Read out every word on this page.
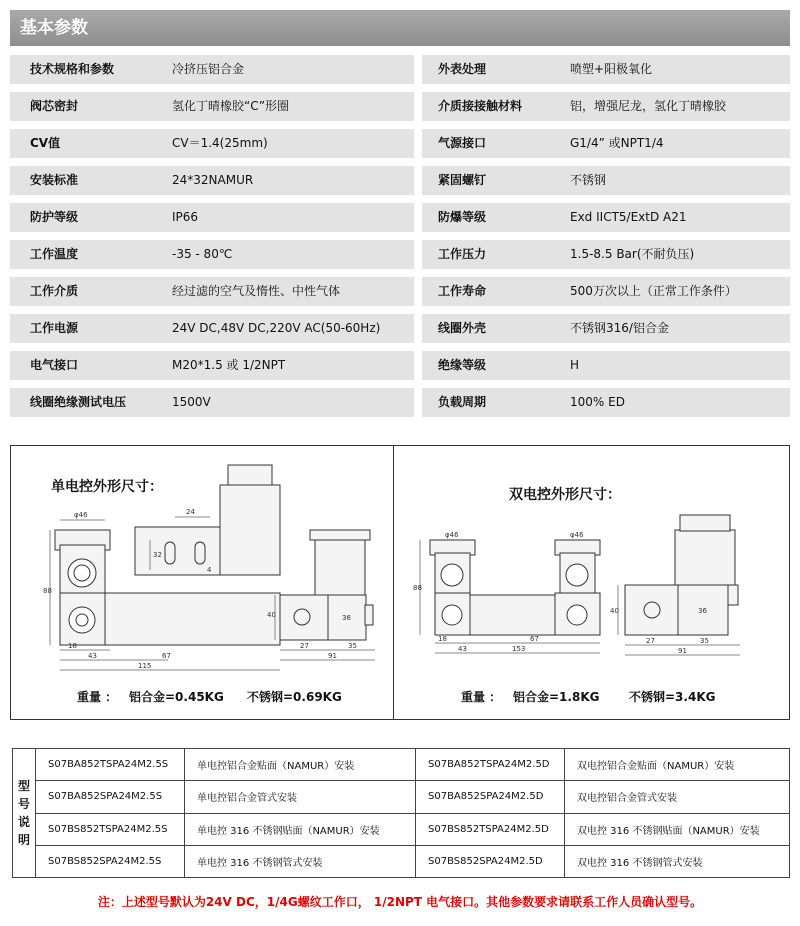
基本参数
技术规格和参数	冷挤压铝合金	外表处理	喷塑+阳极氧化
阀芯密封	氢化丁晴橡胶“C”形圈	介质接接触材料	铝，增强尼龙，氢化丁晴橡胶
CV值	CV＝1.4(25mm)	气源接口	G1/4” 或NPT1/4
安装标准	24*32NAMUR	紧固螺钉	不锈钢
防护等级	IP66	防爆等级	Exd IICT5/ExtD A21
工作温度	-35 - 80℃	工作压力	1.5-8.5 Bar(不耐负压)
工作介质	经过滤的空气及惰性、中性气体	工作寿命	500万次以上（正常工作条件）
工作电源	24V DC,48V DC,220V AC(50-60Hz)	线圈外壳	不锈钢316/铝合金
电气接口	M20*1.5 或 1/2NPT	绝缘等级	H
线圈绝缘测试电压	1500V	负载周期	100% ED
单电控外形尺寸：	双电控外形尺寸：
φ46	24
32
4
88
18
43	67
115
40	36
27	35
91
φ46	φ46
88
18
43
67
153
40	36
27	35
91
重量 ： 铝合金=0.45KG 不锈钢=0.69KG	重量 ： 铝合金=1.8KG 不锈钢=3.4KG
型
号
说
明	S07BA852TSPA24M2.5S	单电控铝合金贴面（NAMUR）安装	S07BA852TSPA24M2.5D	双电控铝合金贴面（NAMUR）安装
	S07BA852SPA24M2.5S	单电控铝合金管式安装	S07BA852SPA24M2.5D	双电控铝合金管式安装
	S07BS852TSPA24M2.5S	单电控 316 不锈钢贴面（NAMUR）安装	S07BS852TSPA24M2.5D	双电控 316 不锈钢贴面（NAMUR）安装
	S07BS852SPA24M2.5S	单电控 316 不锈钢管式安装	S07BS852SPA24M2.5D	双电控 316 不锈钢管式安装
注：上述型号默认为24V DC，1/4G螺纹工作口， 1/2NPT 电气接口。其他参数要求请联系工作人员确认型号。
